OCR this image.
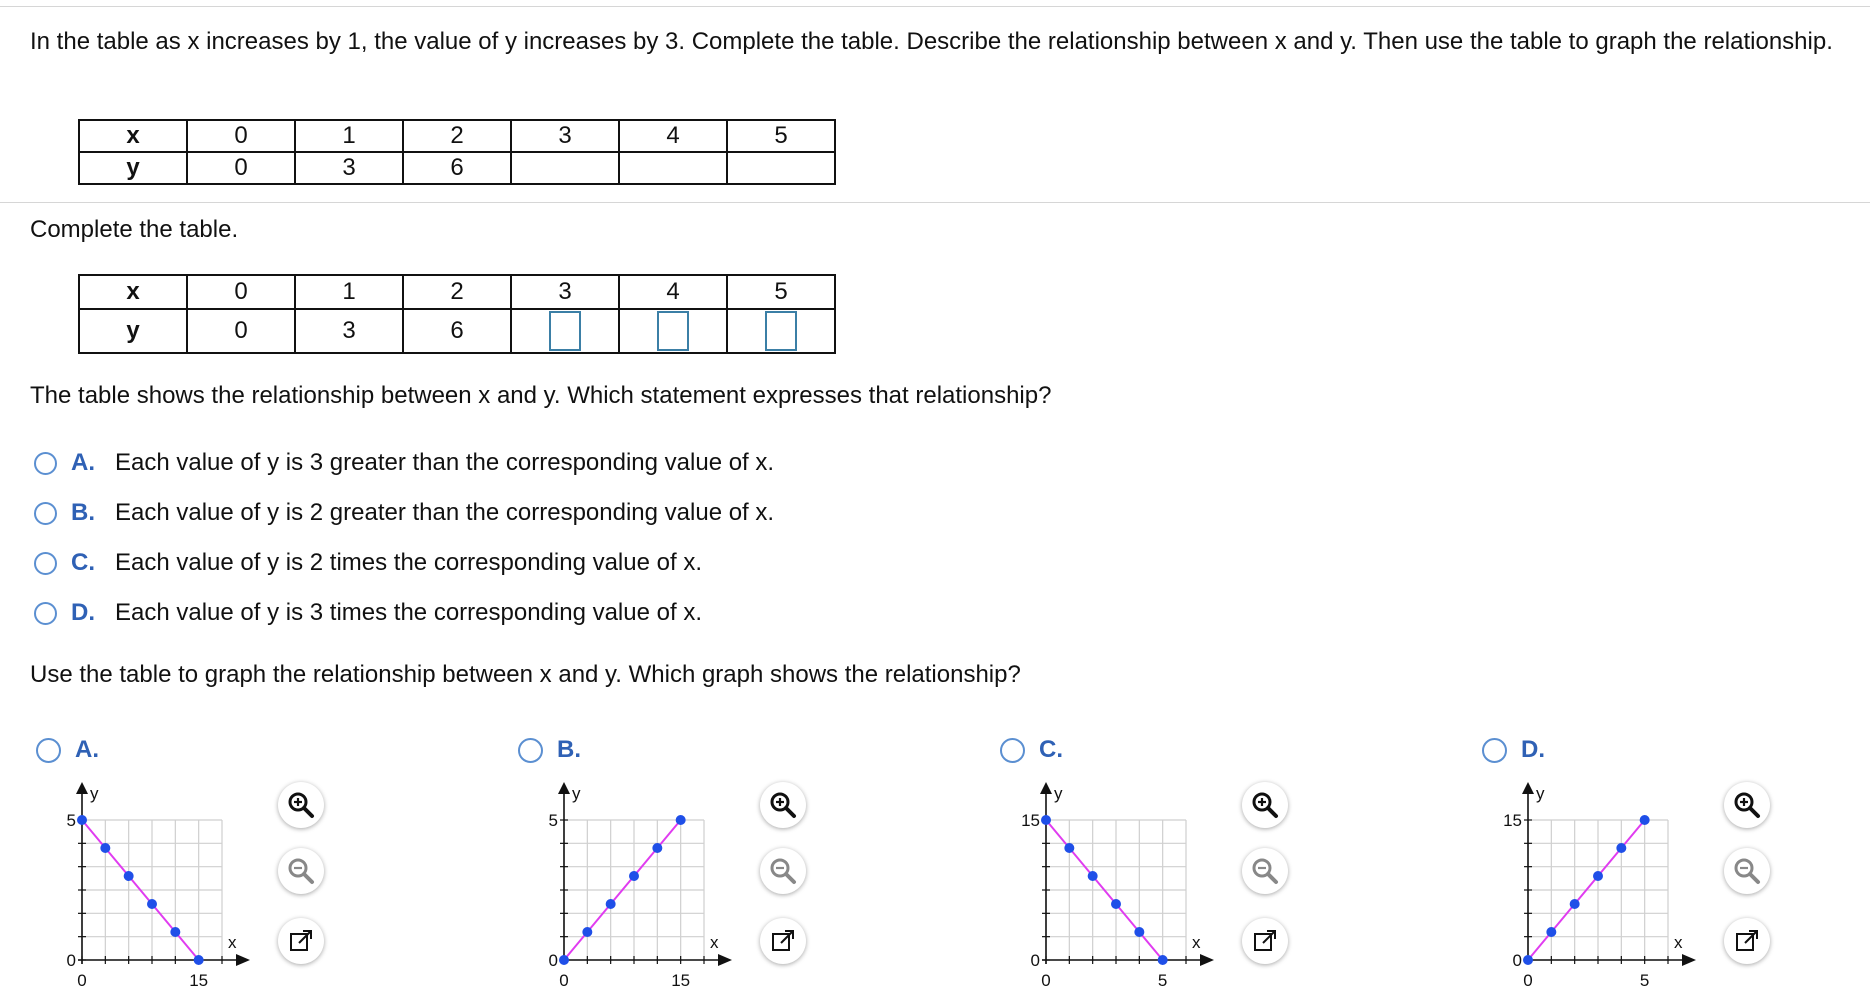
In the table as x increases by 1, the value of y increases by 3. Complete the table. Describe the relationship between x and y. Then use the table to graph the relationship.
x	0	1	2	3	4	5
y	0	3	6			
Complete the table.
x	0	1	2	3	4	5
y	0	3	6			
The table shows the relationship between x and y. Which statement expresses that relationship?
A. Each value of y is 3 greater than the corresponding value of x.
B. Each value of y is 2 greater than the corresponding value of x.
C. Each value of y is 2 times the corresponding value of x.
D. Each value of y is 3 times the corresponding value of x.
Use the table to graph the relationship between x and y. Which graph shows the relationship?
A.	B.	C.	D.
y
x
5
0
15
0
y
x
5
0
15
0
y
x
15
0
5
0
y
x
15
0
5
0
